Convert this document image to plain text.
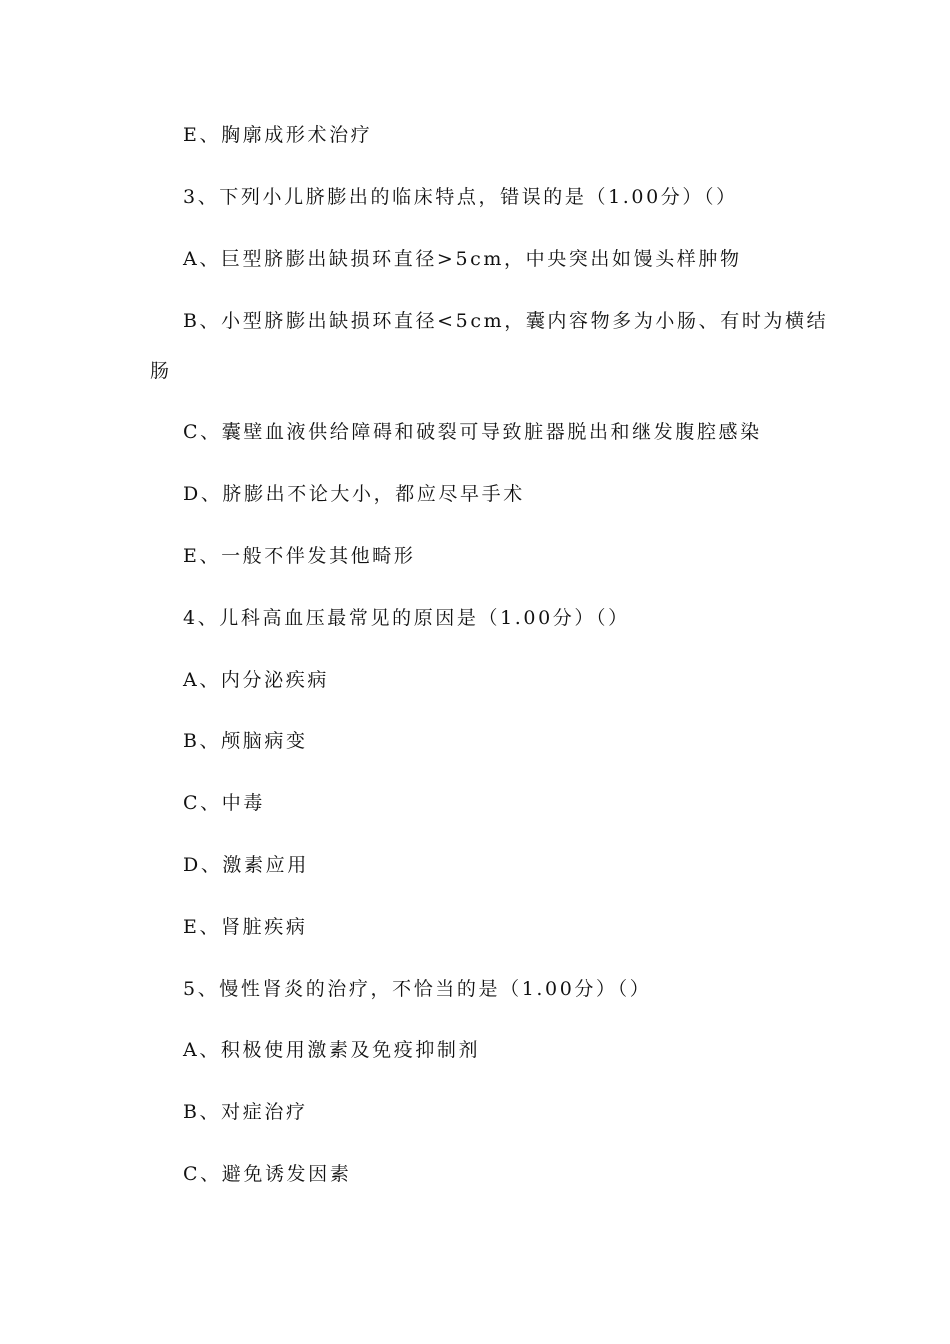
E、胸廓成形术治疗
3、下列小儿脐膨出的临床特点，错误的是（1.00分）（）
A、巨型脐膨出缺损环直径>5cm，中央突出如馒头样肿物
B、小型脐膨出缺损环直径<5cm，囊内容物多为小肠、有时为横结
肠
C、囊壁血液供给障碍和破裂可导致脏器脱出和继发腹腔感染
D、脐膨出不论大小，都应尽早手术
E、一般不伴发其他畸形
4、儿科高血压最常见的原因是（1.00分）（）
A、内分泌疾病
B、颅脑病变
C、中毒
D、激素应用
E、肾脏疾病
5、慢性肾炎的治疗，不恰当的是（1.00分）（）
A、积极使用激素及免疫抑制剂
B、对症治疗
C、避免诱发因素
